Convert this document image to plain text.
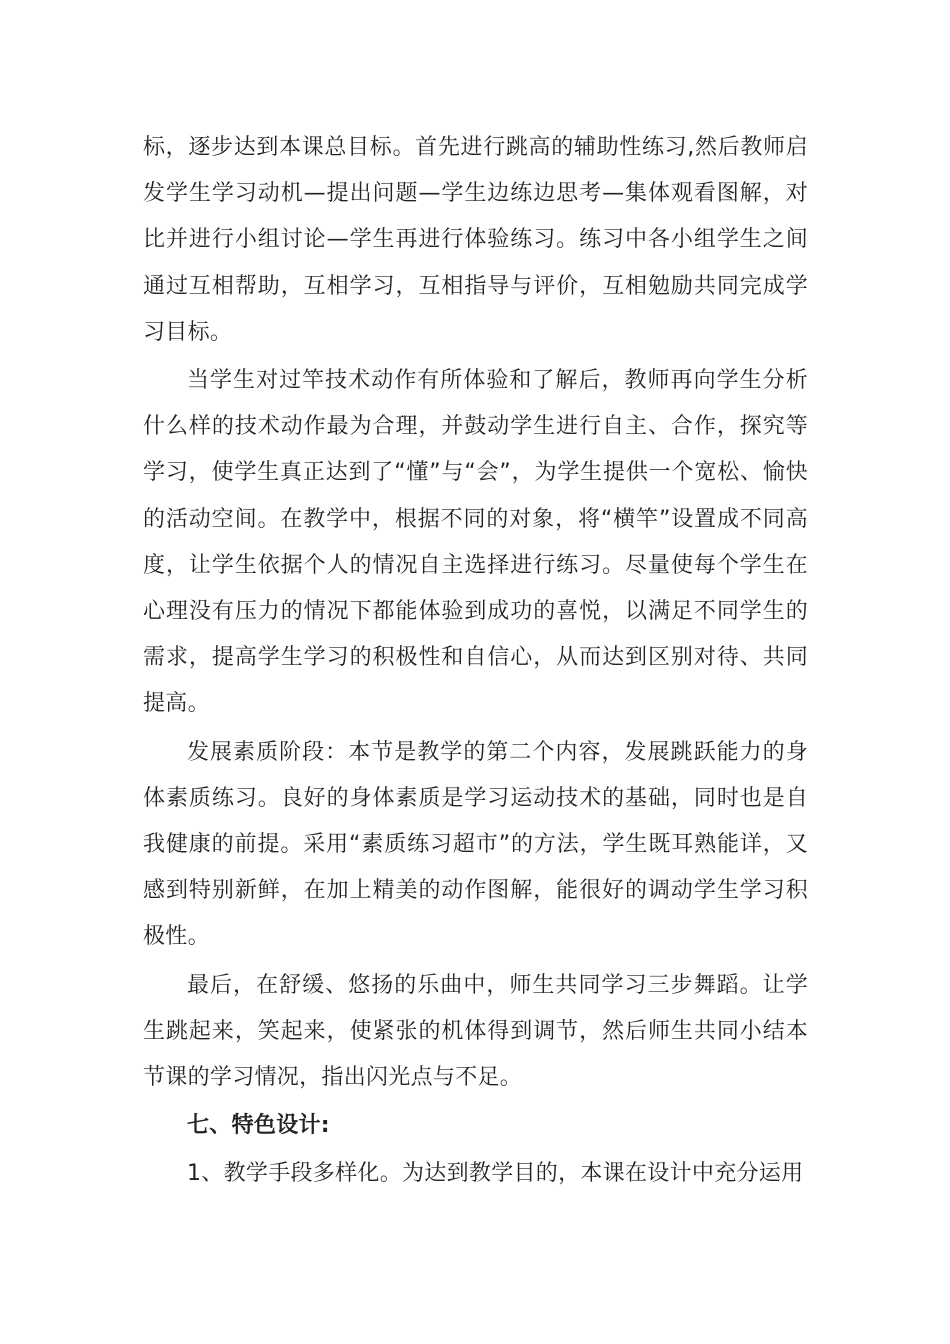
标，逐步达到本课总目标。首先进行跳高的辅助性练习,然后教师启发学生学习动机—提出问题—学生边练边思考—集体观看图解，对比并进行小组讨论—学生再进行体验练习。练习中各小组学生之间通过互相帮助，互相学习，互相指导与评价，互相勉励共同完成学习目标。

当学生对过竿技术动作有所体验和了解后，教师再向学生分析什么样的技术动作最为合理，并鼓动学生进行自主、合作，探究等学习，使学生真正达到了“懂”与“会”，为学生提供一个宽松、愉快的活动空间。在教学中，根据不同的对象，将“横竿”设置成不同高度，让学生依据个人的情况自主选择进行练习。尽量使每个学生在心理没有压力的情况下都能体验到成功的喜悦，以满足不同学生的需求，提高学生学习的积极性和自信心，从而达到区别对待、共同提高。

发展素质阶段：本节是教学的第二个内容，发展跳跃能力的身体素质练习。良好的身体素质是学习运动技术的基础，同时也是自我健康的前提。采用“素质练习超市”的方法，学生既耳熟能详，又感到特别新鲜，在加上精美的动作图解，能很好的调动学生学习积极性。

最后，在舒缓、悠扬的乐曲中，师生共同学习三步舞蹈。让学生跳起来，笑起来，使紧张的机体得到调节，然后师生共同小结本节课的学习情况，指出闪光点与不足。

七、特色设计:

1、教学手段多样化。为达到教学目的，本课在设计中充分运用
